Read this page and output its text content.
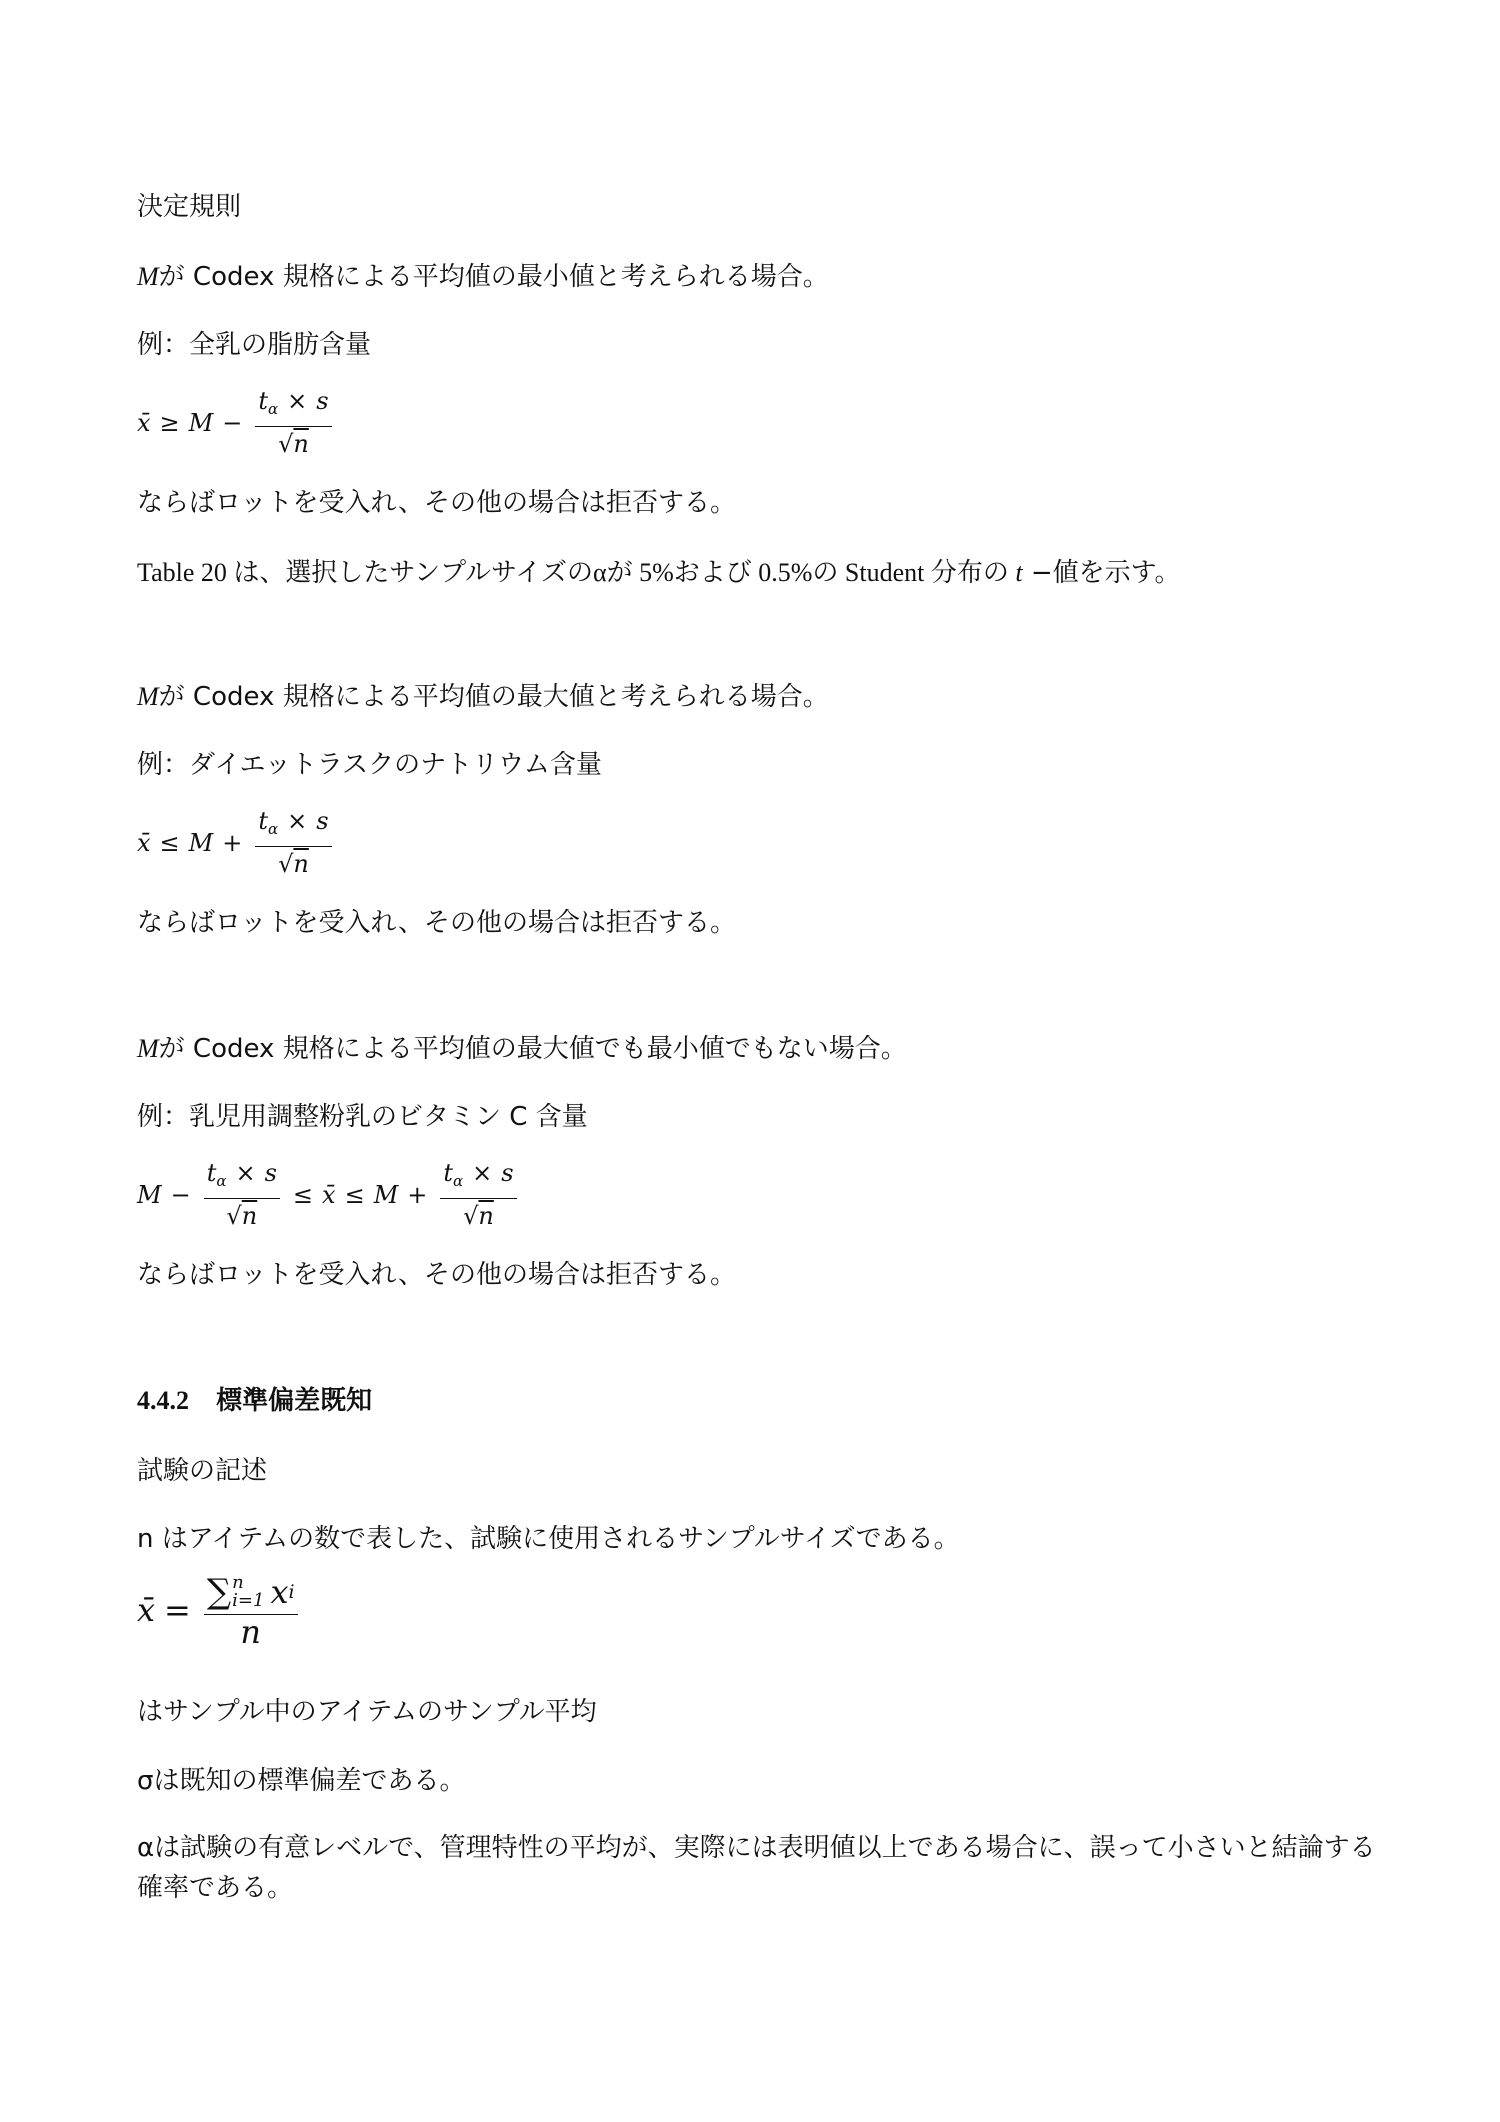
決定規則
Mが Codex 規格による平均値の最小値と考えられる場合。
例：全乳の脂肪含量
x̄ ≥ $M - \frac{t_\alpha \times s}{√n}$
ならばロットを受入れ、その他の場合は拒否する。
Table 20 は、選択したサンプルサイズのαが 5%および 0.5%の Student 分布の t −値を示す。
Mが Codex 規格による平均値の最大値と考えられる場合。
例：ダイエットラスクのナトリウム含量
x̄ ≤ $M + \frac{t_\alpha \times s}{√n}$
ならばロットを受入れ、その他の場合は拒否する。
Mが Codex 規格による平均値の最大値でも最小値でもない場合。
例：乳児用調整粉乳のビタミン C 含量
$M - \frac{t_\alpha \times s}{√n}$ ≤ x̄ ≤ $M + \frac{t_\alpha \times s}{√n}$
ならばロットを受入れ、その他の場合は拒否する。
4.4.2 標準偏差既知
試験の記述
n はアイテムの数で表した、試験に使用されるサンプルサイズである。
x̄ = ∑ n
i=1 x i
n
はサンプル中のアイテムのサンプル平均
σは既知の標準偏差である。
αは試験の有意レベルで、管理特性の平均が、実際には表明値以上である場合に、誤って小さいと結論する確率である。
